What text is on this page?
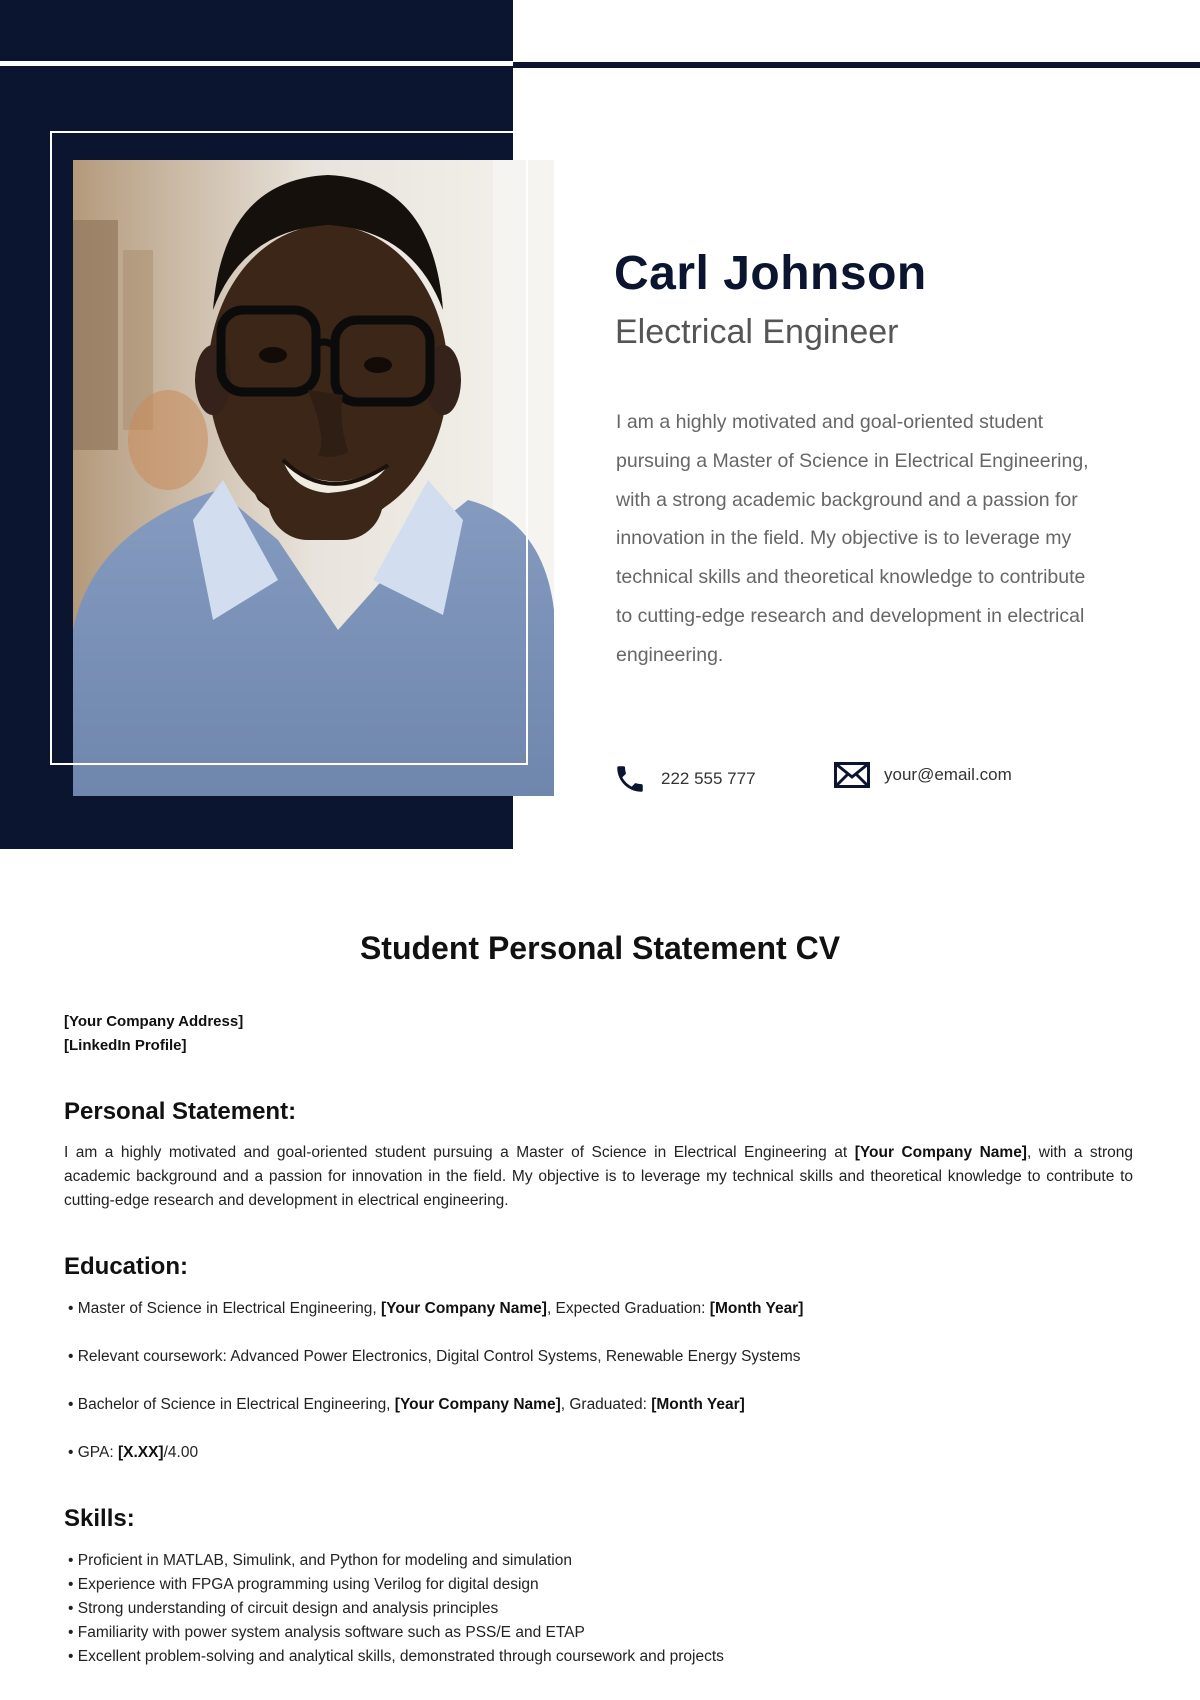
Carl Johnson
Electrical Engineer

I am a highly motivated and goal-oriented student pursuing a Master of Science in Electrical Engineering, with a strong academic background and a passion for innovation in the field. My objective is to leverage my technical skills and theoretical knowledge to contribute to cutting-edge research and development in electrical engineering.

222 555 777	your@email.com
Student Personal Statement CV
[Your Company Address]
[LinkedIn Profile]
Personal Statement:

I am a highly motivated and goal-oriented student pursuing a Master of Science in Electrical Engineering at [Your Company Name], with a strong academic background and a passion for innovation in the field. My objective is to leverage my technical skills and theoretical knowledge to contribute to cutting-edge research and development in electrical engineering.

Education:
• Master of Science in Electrical Engineering, [Your Company Name], Expected Graduation: [Month Year]
• Relevant coursework: Advanced Power Electronics, Digital Control Systems, Renewable Energy Systems
• Bachelor of Science in Electrical Engineering, [Your Company Name], Graduated: [Month Year]
• GPA: [X.XX]/4.00
Skills:
• Proficient in MATLAB, Simulink, and Python for modeling and simulation
• Experience with FPGA programming using Verilog for digital design
• Strong understanding of circuit design and analysis principles
• Familiarity with power system analysis software such as PSS/E and ETAP
• Excellent problem-solving and analytical skills, demonstrated through coursework and projects
